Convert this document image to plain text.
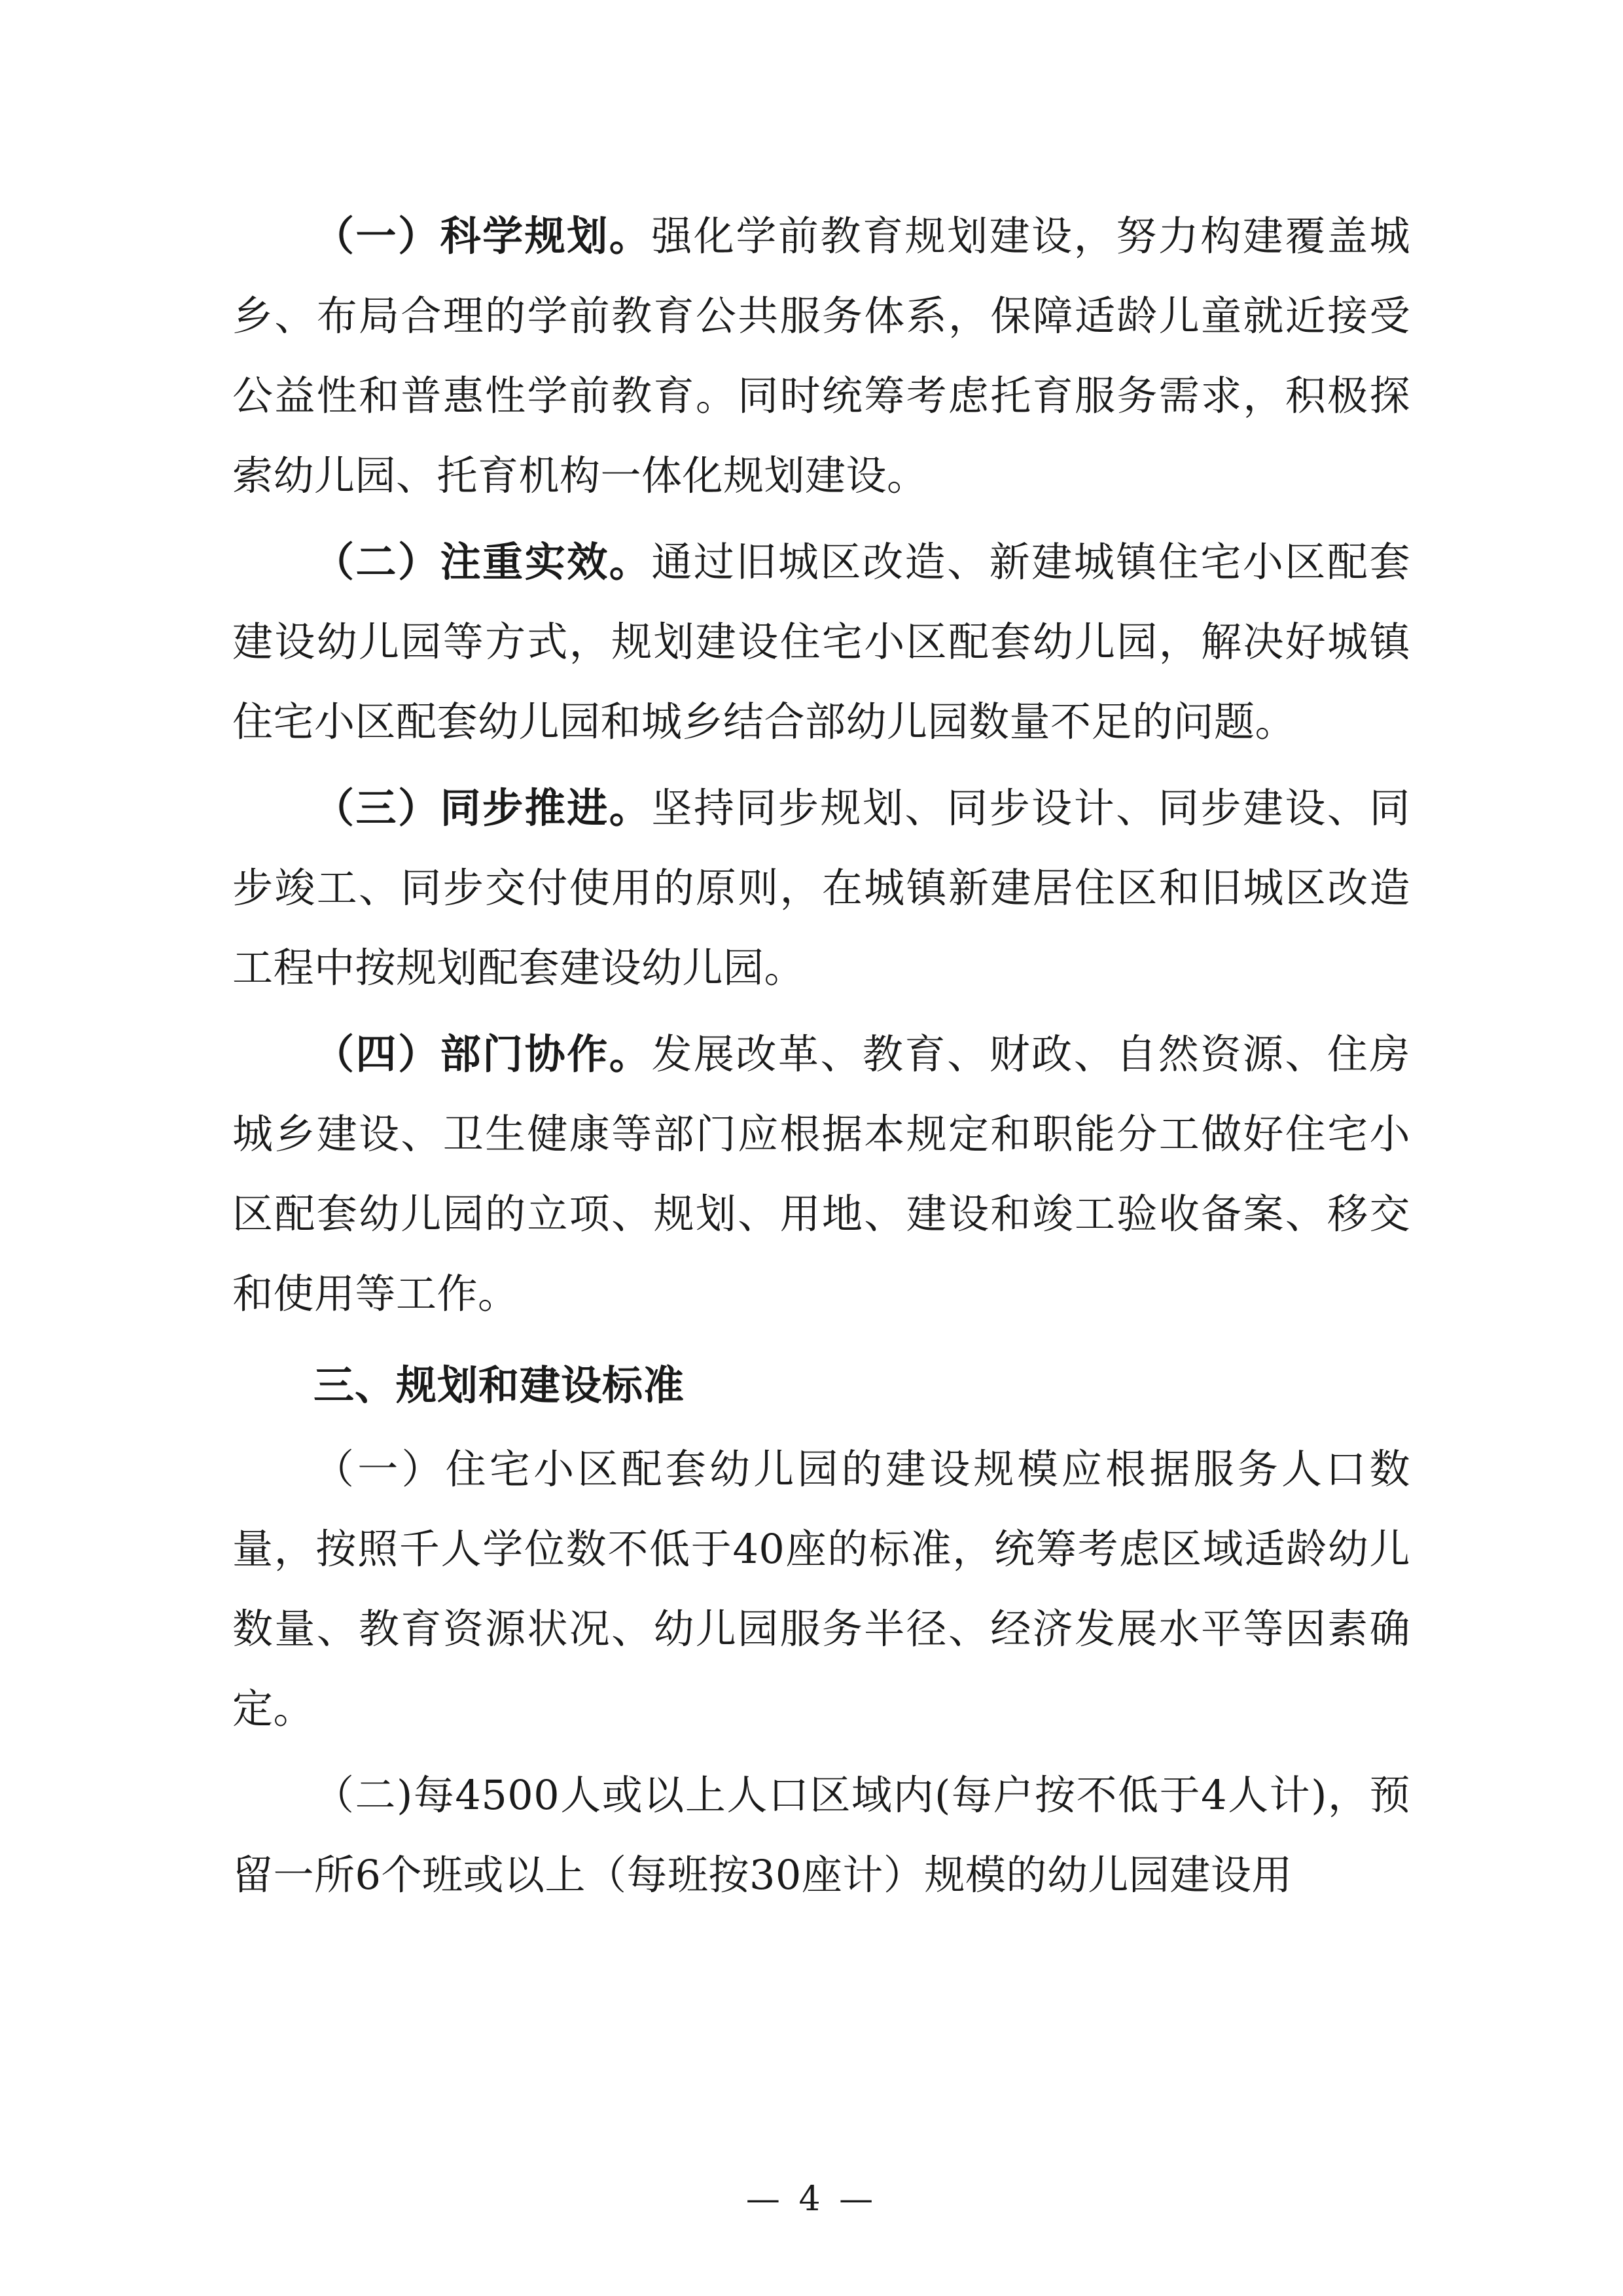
（一）科学规划。强化学前教育规划建设，努力构建覆盖城乡、布局合理的学前教育公共服务体系，保障适龄儿童就近接受公益性和普惠性学前教育。同时统筹考虑托育服务需求，积极探索幼儿园、托育机构一体化规划建设。

（二）注重实效。通过旧城区改造、新建城镇住宅小区配套建设幼儿园等方式，规划建设住宅小区配套幼儿园，解决好城镇住宅小区配套幼儿园和城乡结合部幼儿园数量不足的问题。

（三）同步推进。坚持同步规划、同步设计、同步建设、同步竣工、同步交付使用的原则，在城镇新建居住区和旧城区改造工程中按规划配套建设幼儿园。

（四）部门协作。发展改革、教育、财政、自然资源、住房城乡建设、卫生健康等部门应根据本规定和职能分工做好住宅小区配套幼儿园的立项、规划、用地、建设和竣工验收备案、移交和使用等工作。

三、规划和建设标准

（一）住宅小区配套幼儿园的建设规模应根据服务人口数量，按照千人学位数不低于40座的标准，统筹考虑区域适龄幼儿数量、教育资源状况、幼儿园服务半径、经济发展水平等因素确定。

（二)每4500人或以上人口区域内(每户按不低于4人计)，预留一所6个班或以上（每班按30座计）规模的幼儿园建设用

— 4 —
